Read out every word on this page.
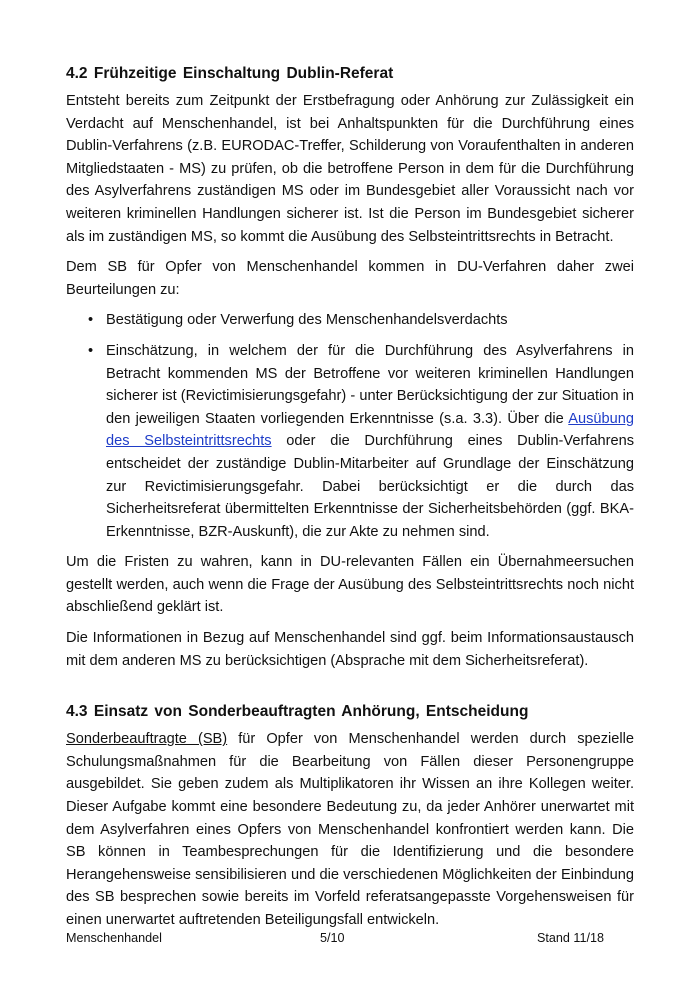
4.2 Frühzeitige Einschaltung Dublin-Referat

Entsteht bereits zum Zeitpunkt der Erstbefragung oder Anhörung zur Zulässigkeit ein Verdacht auf Menschenhandel, ist bei Anhaltspunkten für die Durchführung eines Dublin-Verfahrens (z.B. EURODAC-Treffer, Schilderung von Voraufenthalten in anderen Mitgliedstaaten - MS) zu prüfen, ob die betroffene Person in dem für die Durchführung des Asylverfahrens zuständigen MS oder im Bundesgebiet aller Voraussicht nach vor weiteren kriminellen Handlungen sicherer ist. Ist die Person im Bundesgebiet sicherer als im zuständigen MS, so kommt die Ausübung des Selbsteintrittsrechts in Betracht.

Dem SB für Opfer von Menschenhandel kommen in DU-Verfahren daher zwei Beurteilungen zu:

• Bestätigung oder Verwerfung des Menschenhandelsverdachts
• Einschätzung, in welchem der für die Durchführung des Asylverfahrens in Betracht kommenden MS der Betroffene vor weiteren kriminellen Handlungen sicherer ist (Revictimisierungsgefahr) - unter Berücksichtigung der zur Situation in den jeweiligen Staaten vorliegenden Erkenntnisse (s.a. 3.3). Über die Ausübung des Selbsteintrittsrechts oder die Durchführung eines Dublin-Verfahrens entscheidet der zuständige Dublin-Mitarbeiter auf Grundlage der Einschätzung zur Revictimisierungsgefahr. Dabei berücksichtigt er die durch das Sicherheitsreferat übermittelten Erkenntnisse der Sicherheitsbehörden (ggf. BKA-Erkenntnisse, BZR-Auskunft), die zur Akte zu nehmen sind.

Um die Fristen zu wahren, kann in DU-relevanten Fällen ein Übernahmeersuchen gestellt werden, auch wenn die Frage der Ausübung des Selbsteintrittsrechts noch nicht abschließend geklärt ist.

Die Informationen in Bezug auf Menschenhandel sind ggf. beim Informationsaustausch mit dem anderen MS zu berücksichtigen (Absprache mit dem Sicherheitsreferat).

4.3 Einsatz von Sonderbeauftragten Anhörung, Entscheidung

Sonderbeauftragte (SB) für Opfer von Menschenhandel werden durch spezielle Schulungsmaßnahmen für die Bearbeitung von Fällen dieser Personengruppe ausgebildet. Sie geben zudem als Multiplikatoren ihr Wissen an ihre Kollegen weiter. Dieser Aufgabe kommt eine besondere Bedeutung zu, da jeder Anhörer unerwartet mit dem Asylverfahren eines Opfers von Menschenhandel konfrontiert werden kann. Die SB können in Teambesprechungen für die Identifizierung und die besondere Herangehensweise sensibilisieren und die verschiedenen Möglichkeiten der Einbindung des SB besprechen sowie bereits im Vorfeld referatsangepasste Vorgehensweisen für einen unerwartet auftretenden Beteiligungsfall entwickeln.

Menschenhandel	5/10	Stand 11/18
